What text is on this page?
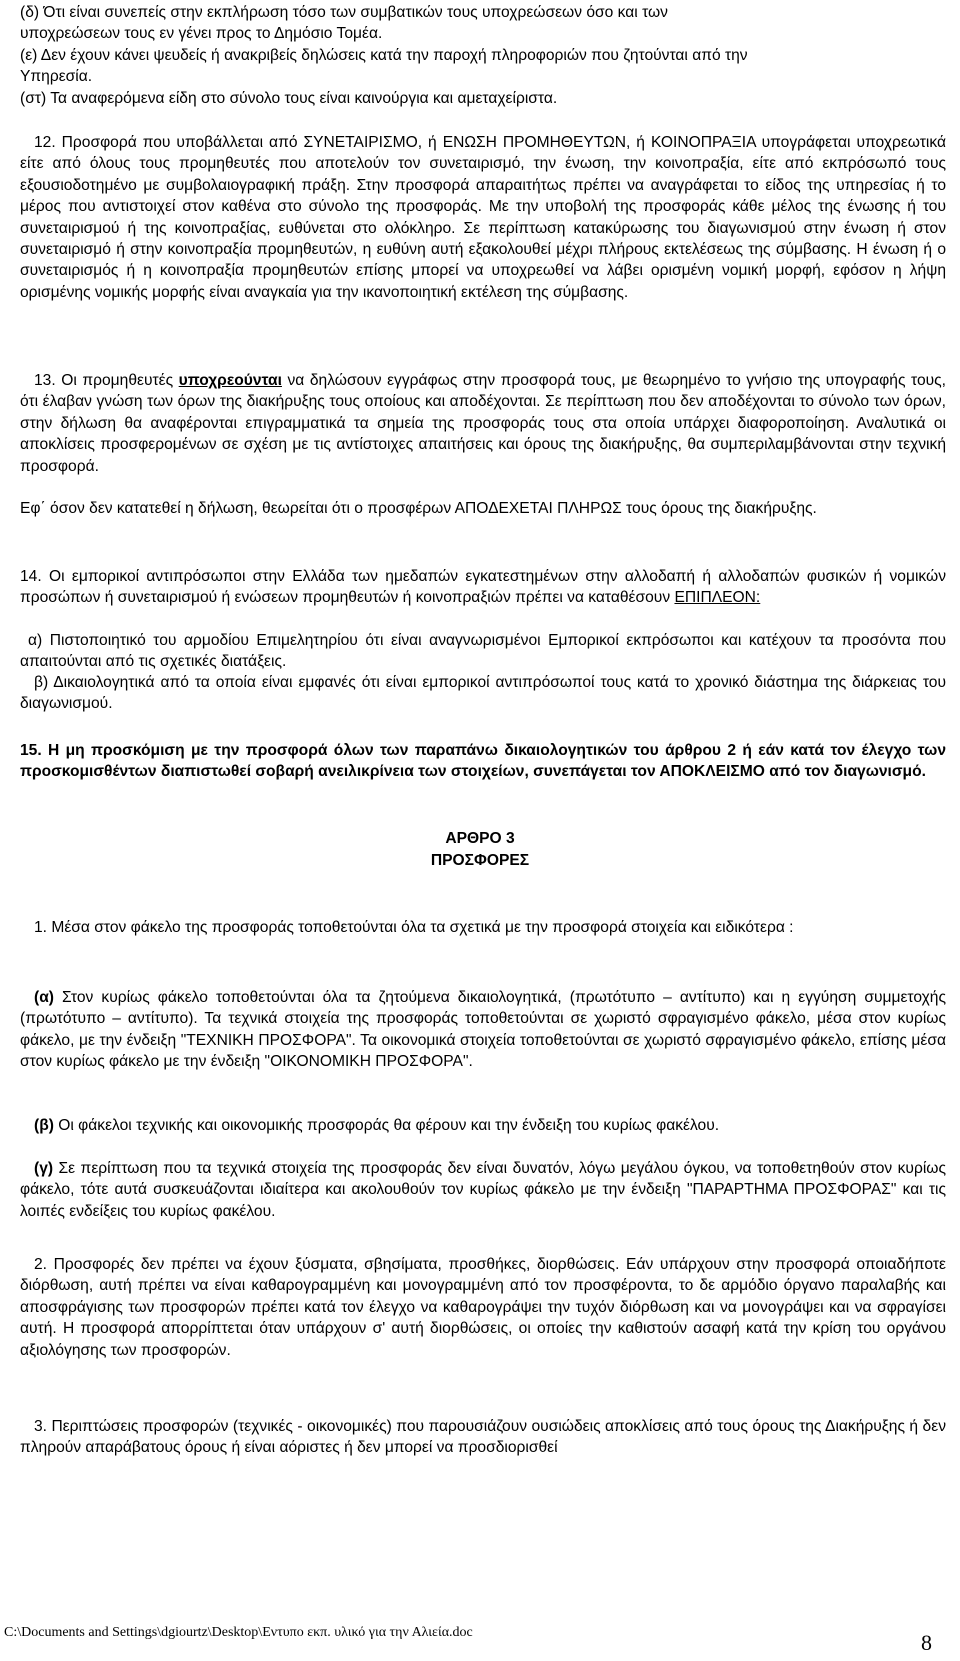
(δ) Ότι είναι συνεπείς στην εκπλήρωση τόσο των συμβατικών τους υποχρεώσεων όσο και των
υποχρεώσεων τους εν γένει προς το Δημόσιο Τομέα.
(ε) Δεν έχουν κάνει ψευδείς ή ανακριβείς δηλώσεις κατά την παροχή πληροφοριών που ζητούνται από την
Υπηρεσία.
(στ) Τα αναφερόμενα είδη στο σύνολο τους είναι καινούργια και αμεταχείριστα.
12. Προσφορά που υποβάλλεται από ΣΥΝΕΤΑΙΡΙΣΜΟ, ή ΕΝΩΣΗ ΠΡΟΜΗΘΕΥΤΩΝ, ή ΚΟΙΝΟΠΡΑΞΙΑ υπογράφεται υποχρεωτικά είτε από όλους τους προμηθευτές που αποτελούν τον συνεταιρισμό, την ένωση, την κοινοπραξία, είτε από εκπρόσωπό τους εξουσιοδοτημένο με συμβολαιογραφική πράξη. Στην προσφορά απαραιτήτως πρέπει να αναγράφεται το είδος της υπηρεσίας ή το μέρος που αντιστοιχεί στον καθένα στο σύνολο της προσφοράς. Με την υποβολή της προσφοράς κάθε μέλος της ένωσης ή του συνεταιρισμού ή της κοινοπραξίας, ευθύνεται στο ολόκληρο. Σε περίπτωση κατακύρωσης του διαγωνισμού στην ένωση ή στον συνεταιρισμό ή στην κοινοπραξία προμηθευτών, η ευθύνη αυτή εξακολουθεί μέχρι πλήρους εκτελέσεως της σύμβασης. Η ένωση ή ο συνεταιρισμός ή η κοινοπραξία προμηθευτών επίσης μπορεί να υποχρεωθεί να λάβει ορισμένη νομική μορφή, εφόσον η λήψη ορισμένης νομικής μορφής είναι αναγκαία για την ικανοποιητική εκτέλεση της σύμβασης.
13. Οι προμηθευτές υποχρεούνται να δηλώσουν εγγράφως στην προσφορά τους, με θεωρημένο το γνήσιο της υπογραφής τους, ότι έλαβαν γνώση των όρων της διακήρυξης τους οποίους και αποδέχονται. Σε περίπτωση που δεν αποδέχονται το σύνολο των όρων, στην δήλωση θα αναφέρονται επιγραμματικά τα σημεία της προσφοράς τους στα οποία υπάρχει διαφοροποίηση. Αναλυτικά οι αποκλίσεις προσφερομένων σε σχέση με τις αντίστοιχες απαιτήσεις και όρους της διακήρυξης, θα συμπεριλαμβάνονται στην τεχνική προσφορά.
Εφ΄ όσον δεν κατατεθεί η δήλωση, θεωρείται ότι ο προσφέρων ΑΠΟΔΕΧΕΤΑΙ ΠΛΗΡΩΣ τους όρους της διακήρυξης.
14. Οι εμπορικοί αντιπρόσωποι στην Ελλάδα των ημεδαπών εγκατεστημένων στην αλλοδαπή ή αλλοδαπών φυσικών ή νομικών προσώπων ή συνεταιρισμού ή ενώσεων προμηθευτών ή κοινοπραξιών πρέπει να καταθέσουν ΕΠΙΠΛΕΟΝ:
α) Πιστοποιητικό του αρμοδίου Επιμελητηρίου ότι είναι αναγνωρισμένοι Εμπορικοί εκπρόσωποι και κατέχουν τα προσόντα που απαιτούνται από τις σχετικές διατάξεις.
β) Δικαιολογητικά από τα οποία είναι εμφανές ότι είναι εμπορικοί αντιπρόσωποί τους κατά το χρονικό διάστημα της διάρκειας του διαγωνισμού.
15. Η μη προσκόμιση με την προσφορά όλων των παραπάνω δικαιολογητικών του άρθρου 2 ή εάν κατά τον έλεγχο των προσκομισθέντων διαπιστωθεί σοβαρή ανειλικρίνεια των στοιχείων, συνεπάγεται τον ΑΠΟΚΛΕΙΣΜΟ από τον διαγωνισμό.
ΑΡΘΡΟ 3
ΠΡΟΣΦΟΡΕΣ
1. Μέσα στον φάκελο της προσφοράς τοποθετούνται όλα τα σχετικά με την προσφορά στοιχεία και ειδικότερα :
(α) Στον κυρίως φάκελο τοποθετούνται όλα τα ζητούμενα δικαιολογητικά, (πρωτότυπο – αντίτυπο) και η εγγύηση συμμετοχής (πρωτότυπο – αντίτυπο). Τα τεχνικά στοιχεία της προσφοράς τοποθετούνται σε χωριστό σφραγισμένο φάκελο, μέσα στον κυρίως φάκελο, με την ένδειξη "ΤΕΧΝΙΚΗ ΠΡΟΣΦΟΡΑ". Τα οικονομικά στοιχεία τοποθετούνται σε χωριστό σφραγισμένο φάκελο, επίσης μέσα στον κυρίως φάκελο με την ένδειξη "ΟΙΚΟΝΟΜΙΚΗ ΠΡΟΣΦΟΡΑ".
(β) Οι φάκελοι τεχνικής και οικονομικής προσφοράς θα φέρουν και την ένδειξη του κυρίως φακέλου.
(γ) Σε περίπτωση που τα τεχνικά στοιχεία της προσφοράς δεν είναι δυνατόν, λόγω μεγάλου όγκου, να τοποθετηθούν στον κυρίως φάκελο, τότε αυτά συσκευάζονται ιδιαίτερα και ακολουθούν τον κυρίως φάκελο με την ένδειξη "ΠΑΡΑΡΤΗΜΑ ΠΡΟΣΦΟΡΑΣ" και τις λοιπές ενδείξεις του κυρίως φακέλου.
2. Προσφορές δεν πρέπει να έχουν ξύσματα, σβησίματα, προσθήκες, διορθώσεις. Εάν υπάρχουν στην προσφορά οποιαδήποτε διόρθωση, αυτή πρέπει να είναι καθαρογραμμένη και μονογραμμένη από τον προσφέροντα, το δε αρμόδιο όργανο παραλαβής και αποσφράγισης των προσφορών πρέπει κατά τον έλεγχο να καθαρογράψει την τυχόν διόρθωση και να μονογράψει και να σφραγίσει αυτή. Η προσφορά απορρίπτεται όταν υπάρχουν σ' αυτή διορθώσεις, οι οποίες την καθιστούν ασαφή κατά την κρίση του οργάνου αξιολόγησης των προσφορών.
3. Περιπτώσεις προσφορών (τεχνικές - οικονομικές) που παρουσιάζουν ουσιώδεις αποκλίσεις από τους όρους της Διακήρυξης ή δεν πληρούν απαράβατους όρους ή είναι αόριστες ή δεν μπορεί να προσδιορισθεί
C:\Documents and Settings\dgiourtz\Desktop\Εντυπο εκπ. υλικό για την Αλιεία.doc	8
